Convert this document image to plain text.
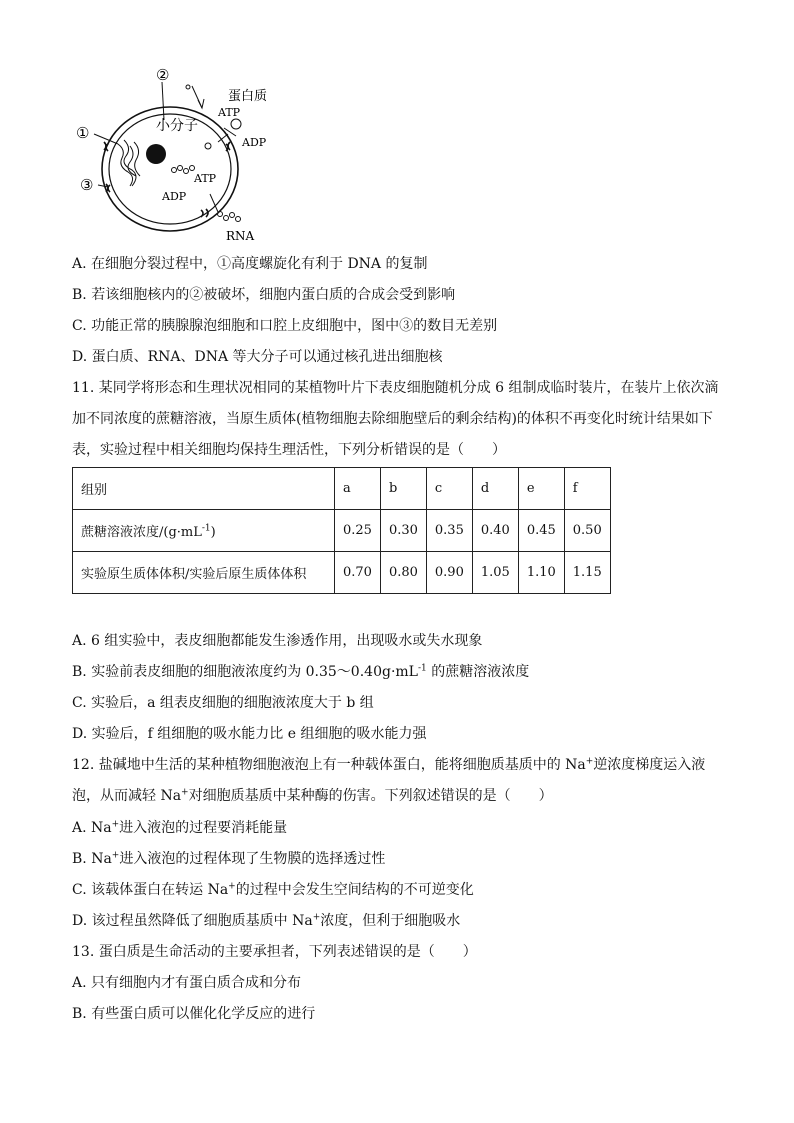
②
①
③
小分子
蛋白质
ATP
ADP
ATP
ADP
RNA
A. 在细胞分裂过程中，①高度螺旋化有利于 DNA 的复制
B. 若该细胞核内的②被破坏，细胞内蛋白质的合成会受到影响
C. 功能正常的胰腺腺泡细胞和口腔上皮细胞中，图中③的数目无差别
D. 蛋白质、RNA、DNA 等大分子可以通过核孔进出细胞核
11. 某同学将形态和生理状况相同的某植物叶片下表皮细胞随机分成 6 组制成临时装片，在装片上依次滴加不同浓度的蔗糖溶液，当原生质体(植物细胞去除细胞壁后的剩余结构)的体积不再变化时统计结果如下表，实验过程中相关细胞均保持生理活性，下列分析错误的是（　　）
组别	a	b	c	d	e	f
蔗糖溶液浓度$/(g\cdot mL^{-1})$	0.25	0.30	0.35	0.40	0.45	0.50
实验原生质体体积/实验后原生质体体积	0.70	0.80	0.90	1.05	1.10	1.15
A. 6 组实验中，表皮细胞都能发生渗透作用，出现吸水或失水现象
B. 实验前表皮细胞的细胞液浓度约为 $0.35\sim 0.40g\cdot mL^{-1}$ 的蔗糖溶液浓度
C. 实验后，a 组表皮细胞的细胞液浓度大于 b 组
D. 实验后，f 组细胞的吸水能力比 e 组细胞的吸水能力强
12. 盐碱地中生活的某种植物细胞液泡上有一种载体蛋白，能将细胞质基质中的 Na+逆浓度梯度运入液泡，从而减轻 Na+对细胞质基质中某种酶的伤害。下列叙述错误的是（　　）
A. Na+进入液泡的过程要消耗能量
B. Na+进入液泡的过程体现了生物膜的选择透过性
C. 该载体蛋白在转运 Na+的过程中会发生空间结构的不可逆变化
D. 该过程虽然降低了细胞质基质中 Na+浓度，但利于细胞吸水
13. 蛋白质是生命活动的主要承担者，下列表述错误的是（　　）
A. 只有细胞内才有蛋白质合成和分布
B. 有些蛋白质可以催化化学反应的进行
